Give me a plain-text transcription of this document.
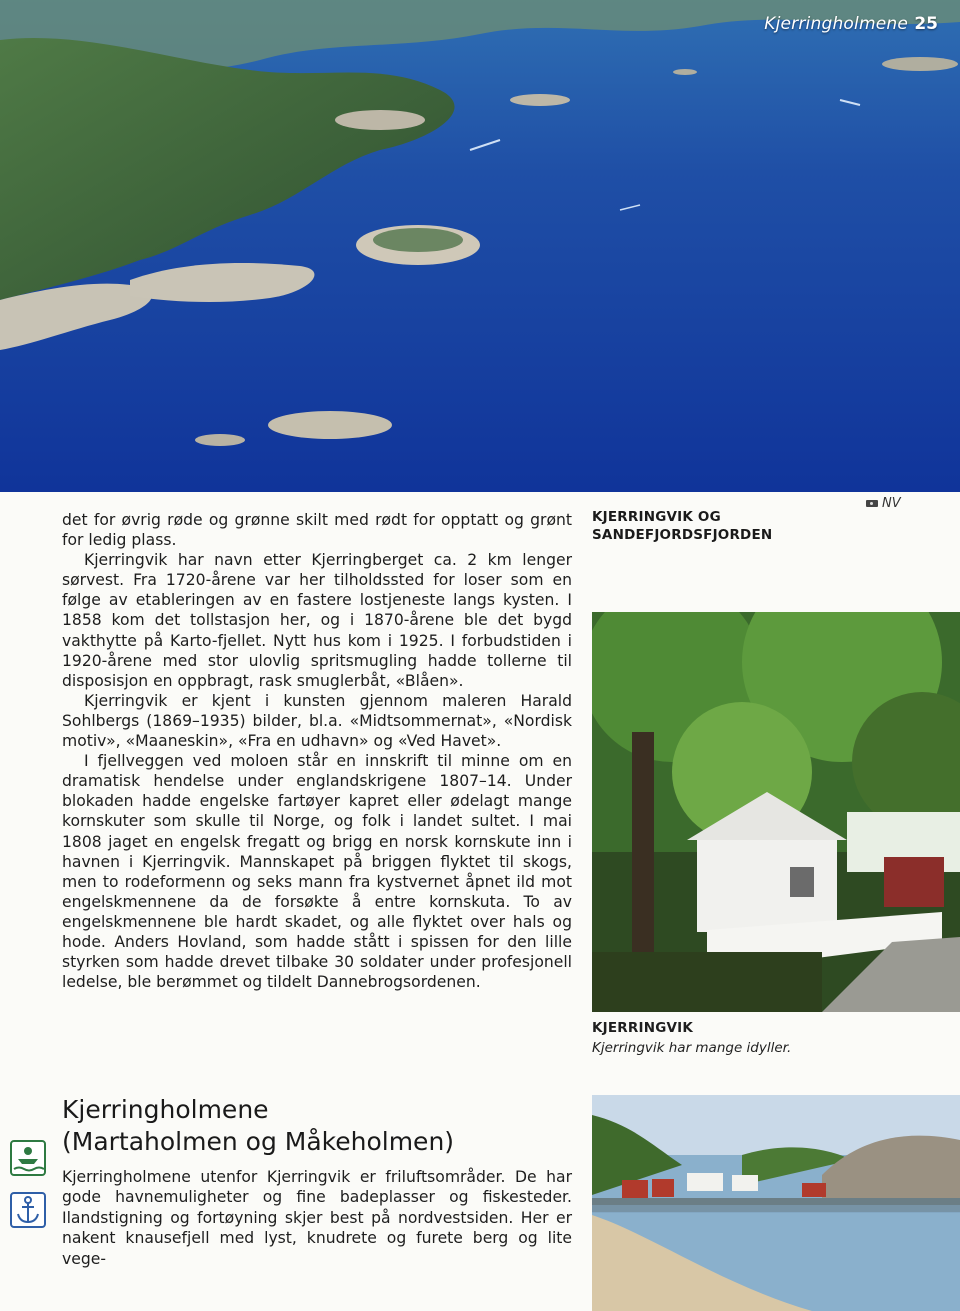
Kjerringholmene 25

det for øvrig røde og grønne skilt med rødt for opptatt og grønt for ledig plass.

Kjerringvik har navn etter Kjerringberget ca. 2 km lenger sørvest. Fra 1720-årene var her tilholdssted for loser som en følge av etableringen av en fastere lostjeneste langs kysten. I 1858 kom det tollstasjon her, og i 1870-årene ble det bygd vakthytte på Karto-fjellet. Nytt hus kom i 1925. I forbudstiden i 1920-årene med stor ulovlig spritsmugling hadde tollerne til disposisjon en oppbragt, rask smuglerbåt, «Blåen».

Kjerringvik er kjent i kunsten gjennom maleren Harald Sohlbergs (1869–1935) bilder, bl.a. «Midtsommernat», «Nordisk motiv», «Maaneskin», «Fra en udhavn» og «Ved Havet».

I fjellveggen ved moloen står en innskrift til minne om en dramatisk hendelse under englandskrigene 1807–14. Under blokaden hadde engelske fartøyer kapret eller ødelagt mange kornskuter som skulle til Norge, og folk i landet sultet. I mai 1808 jaget en engelsk fregatt og brigg en norsk kornskute inn i havnen i Kjerringvik. Mannskapet på briggen flyktet til skogs, men to rodeformenn og seks mann fra kystvernet åpnet ild mot engelskmennene da de forsøkte å entre kornskuta. To av engelskmennene ble hardt skadet, og alle flyktet over hals og hode. Anders Hovland, som hadde stått i spissen for den lille styrken som hadde drevet tilbake 30 soldater under profesjonell ledelse, ble berømmet og tildelt Dannebrogsordenen.

Kjerringholmene
(Martaholmen og Måkeholmen)

Kjerringholmene utenfor Kjerringvik er friluftsområder. De har gode havnemuligheter og fine badeplasser og fiskesteder. Ilandstigning og fortøyning skjer best på nordvestsiden. Her er nakent knausefjell med lyst, knudrete og furete berg og lite vege-

KJERRINGVIK OG
SANDEFJORDSFJORDEN
NV
KJERRINGVIK
Kjerringvik har mange idyller.
